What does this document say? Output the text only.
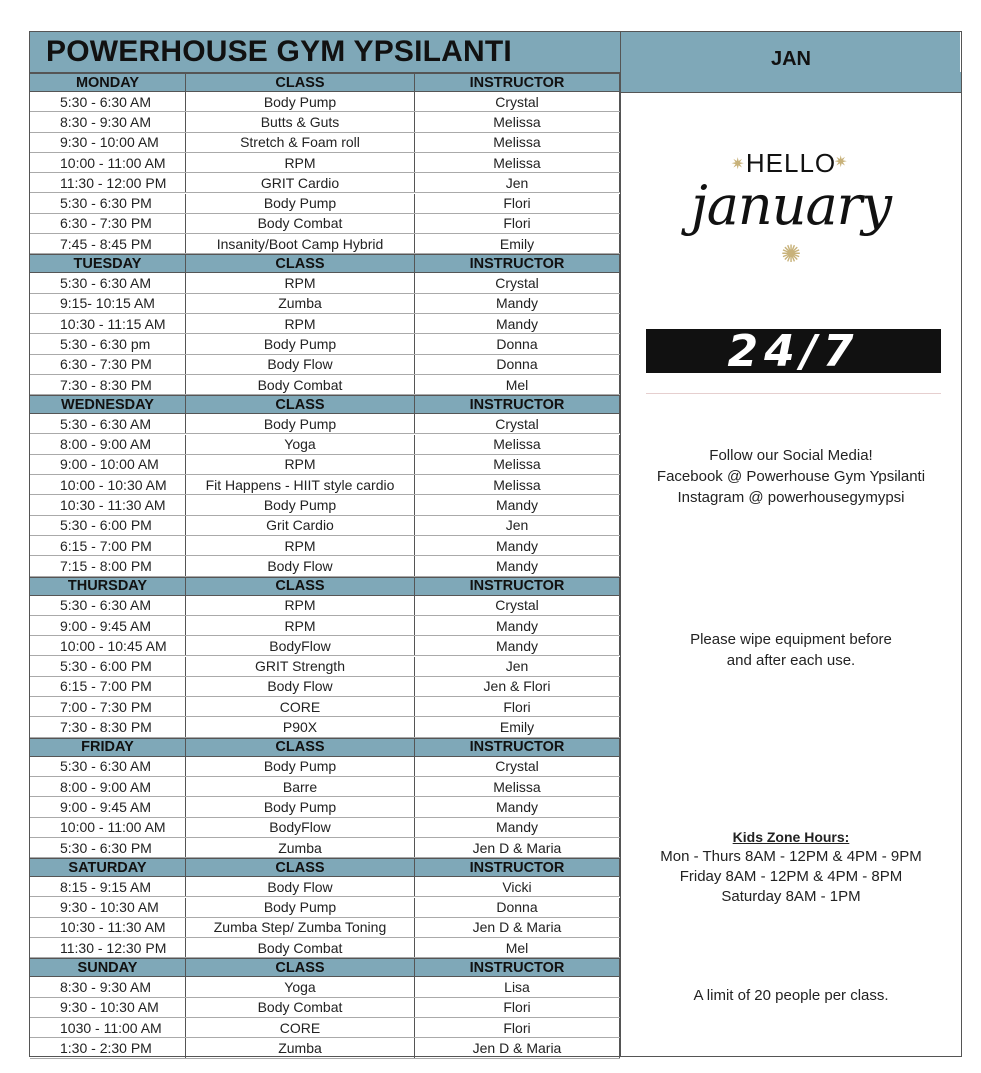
POWERHOUSE GYM YPSILANTI	JAN
MONDAY	CLASS	INSTRUCTOR
5:30 - 6:30 AM	Body Pump	Crystal
8:30 - 9:30 AM	Butts & Guts	Melissa
9:30 - 10:00 AM	Stretch & Foam roll	Melissa
10:00 - 11:00 AM	RPM	Melissa
11:30 - 12:00 PM	GRIT Cardio	Jen
5:30 - 6:30 PM	Body Pump	Flori
6:30 - 7:30 PM	Body Combat	Flori
7:45 - 8:45 PM	Insanity/Boot Camp Hybrid	Emily
TUESDAY	CLASS	INSTRUCTOR
5:30 - 6:30 AM	RPM	Crystal
9:15- 10:15 AM	Zumba	Mandy
10:30 - 11:15 AM	RPM	Mandy
5:30 - 6:30 pm	Body Pump	Donna
6:30 - 7:30 PM	Body Flow	Donna
7:30 - 8:30 PM	Body Combat	Mel
WEDNESDAY	CLASS	INSTRUCTOR
5:30 - 6:30 AM	Body Pump	Crystal
8:00 - 9:00 AM	Yoga	Melissa
9:00 - 10:00 AM	RPM	Melissa
10:00 - 10:30 AM	Fit Happens - HIIT style cardio	Melissa
10:30 - 11:30 AM	Body Pump	Mandy
5:30 - 6:00 PM	Grit Cardio	Jen
6:15 - 7:00 PM	RPM	Mandy
7:15 - 8:00 PM	Body Flow	Mandy
THURSDAY	CLASS	INSTRUCTOR
5:30 - 6:30 AM	RPM	Crystal
9:00 - 9:45 AM	RPM	Mandy
10:00 - 10:45 AM	BodyFlow	Mandy
5:30 - 6:00 PM	GRIT Strength	Jen
6:15 - 7:00 PM	Body Flow	Jen & Flori
7:00 - 7:30 PM	CORE	Flori
7:30 - 8:30 PM	P90X	Emily
FRIDAY	CLASS	INSTRUCTOR
5:30 - 6:30 AM	Body Pump	Crystal
8:00 - 9:00 AM	Barre	Melissa
9:00 - 9:45 AM	Body Pump	Mandy
10:00 - 11:00 AM	BodyFlow	Mandy
5:30 - 6:30 PM	Zumba	Jen D & Maria
SATURDAY	CLASS	INSTRUCTOR
8:15 - 9:15 AM	Body Flow	Vicki
9:30 - 10:30 AM	Body Pump	Donna
10:30 - 11:30 AM	Zumba Step/ Zumba Toning	Jen D & Maria
11:30 - 12:30 PM	Body Combat	Mel
SUNDAY	CLASS	INSTRUCTOR
8:30 - 9:30 AM	Yoga	Lisa
9:30 - 10:30 AM	Body Combat	Flori
1030 - 11:00 AM	CORE	Flori
1:30 - 2:30 PM	Zumba	Jen D & Maria
HELLO
january
✷	✷
✺
24/7
Follow our Social Media!
Facebook @ Powerhouse Gym Ypsilanti
Instagram @ powerhousegymypsi
Please wipe equipment before
and after each use.
Kids Zone Hours:
Mon - Thurs 8AM - 12PM & 4PM - 9PM
Friday 8AM - 12PM & 4PM - 8PM
Saturday 8AM - 1PM
A limit of 20 people per class.
